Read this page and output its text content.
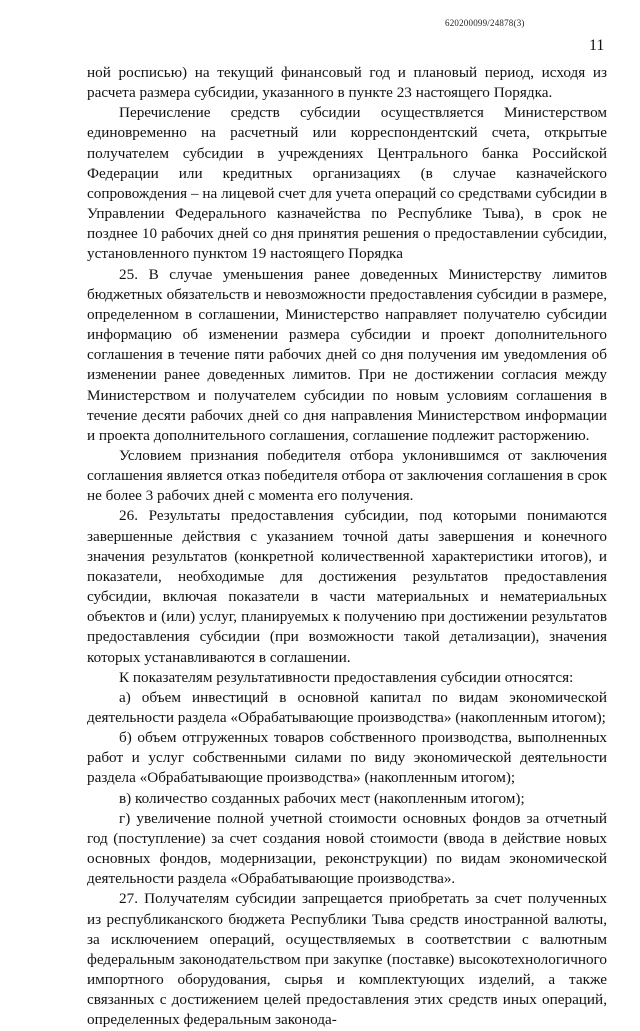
620200099/24878(3)
11

ной росписью) на текущий финансовый год и плановый период, исходя из расчета размера субсидии, указанного в пункте 23 настоящего Порядка.

Перечисление средств субсидии осуществляется Министерством единовременно на расчетный или корреспондентский счета, открытые получателем субсидии в учреждениях Центрального банка Российской Федерации или кредитных организациях (в случае казначейского сопровождения – на лицевой счет для учета операций со средствами субсидии в Управлении Федерального казначейства по Республике Тыва), в срок не позднее 10 рабочих дней со дня принятия решения о предоставлении субсидии, установленного пунктом 19 настоящего Порядка

25. В случае уменьшения ранее доведенных Министерству лимитов бюджетных обязательств и невозможности предоставления субсидии в размере, определенном в соглашении, Министерство направляет получателю субсидии информацию об изменении размера субсидии и проект дополнительного соглашения в течение пяти рабочих дней со дня получения им уведомления об изменении ранее доведенных лимитов. При не достижении согласия между Министерством и получателем субсидии по новым условиям соглашения в течение десяти рабочих дней со дня направления Министерством информации и проекта дополнительного соглашения, соглашение подлежит расторжению.

Условием признания победителя отбора уклонившимся от заключения соглашения является отказ победителя отбора от заключения соглашения в срок не более 3 рабочих дней с момента его получения.

26. Результаты предоставления субсидии, под которыми понимаются завершенные действия с указанием точной даты завершения и конечного значения результатов (конкретной количественной характеристики итогов), и показатели, необходимые для достижения результатов предоставления субсидии, включая показатели в части материальных и нематериальных объектов и (или) услуг, планируемых к получению при достижении результатов предоставления субсидии (при возможности такой детализации), значения которых устанавливаются в соглашении.

К показателям результативности предоставления субсидии относятся:

а) объем инвестиций в основной капитал по видам экономической деятельности раздела «Обрабатывающие производства» (накопленным итогом);

б) объем отгруженных товаров собственного производства, выполненных работ и услуг собственными силами по виду экономической деятельности раздела «Обрабатывающие производства» (накопленным итогом);

в) количество созданных рабочих мест (накопленным итогом);

г) увеличение полной учетной стоимости основных фондов за отчетный год (поступление) за счет создания новой стоимости (ввода в действие новых основных фондов, модернизации, реконструкции) по видам экономической деятельности раздела «Обрабатывающие производства».

27. Получателям субсидии запрещается приобретать за счет полученных из республиканского бюджета Республики Тыва средств иностранной валюты, за исключением операций, осуществляемых в соответствии с валютным федеральным законодательством при закупке (поставке) высокотехнологичного импортного оборудования, сырья и комплектующих изделий, а также связанных с достижением целей предоставления этих средств иных операций, определенных федеральным законода-
